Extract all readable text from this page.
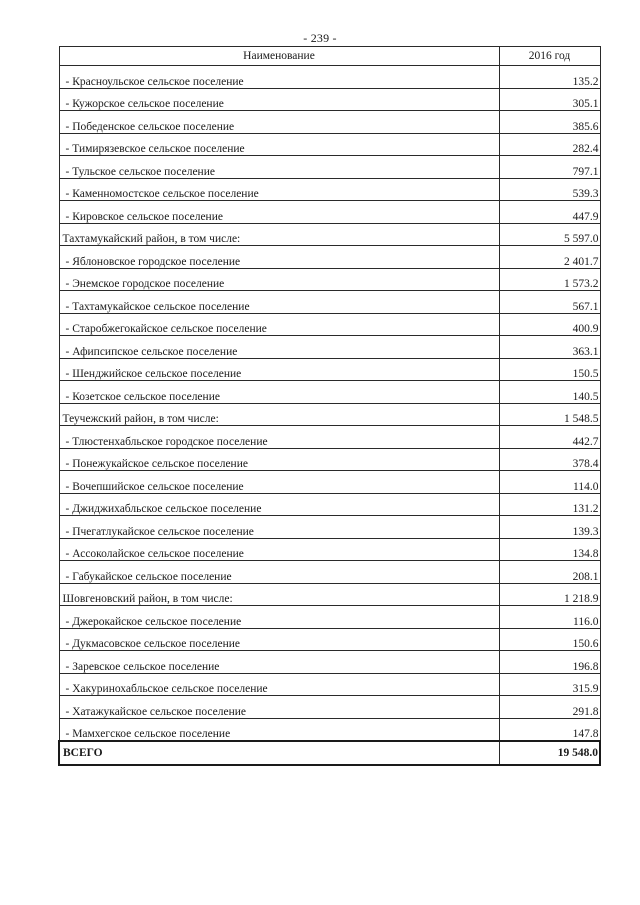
- 239 -
Наименование	2016 год
- Красноульское сельское поселение	135.2
- Кужорское сельское поселение	305.1
- Победенское сельское поселение	385.6
- Тимирязевское сельское поселение	282.4
- Тульское сельское поселение	797.1
- Каменномостское сельское поселение	539.3
- Кировское сельское поселение	447.9
Тахтамукайский район, в том числе:	5 597.0
- Яблоновское городское поселение	2 401.7
- Энемское городское поселение	1 573.2
- Тахтамукайское сельское поселение	567.1
- Старобжегокайское сельское поселение	400.9
- Афипсипское сельское поселение	363.1
- Шенджийское сельское поселение	150.5
- Козетское сельское поселение	140.5
Теучежский район, в том числе:	1 548.5
- Тлюстенхабльское городское поселение	442.7
- Понежукайское сельское поселение	378.4
- Вочепшийское сельское поселение	114.0
- Джиджихабльское сельское поселение	131.2
- Пчегатлукайское сельское поселение	139.3
- Ассоколайское сельское поселение	134.8
- Габукайское сельское поселение	208.1
Шовгеновский район, в том числе:	1 218.9
- Джерокайское сельское поселение	116.0
- Дукмасовское сельское поселение	150.6
- Заревское сельское поселение	196.8
- Хакуринохабльское сельское поселение	315.9
- Хатажукайское сельское поселение	291.8
- Мамхегское сельское поселение	147.8
ВСЕГО	19 548.0
